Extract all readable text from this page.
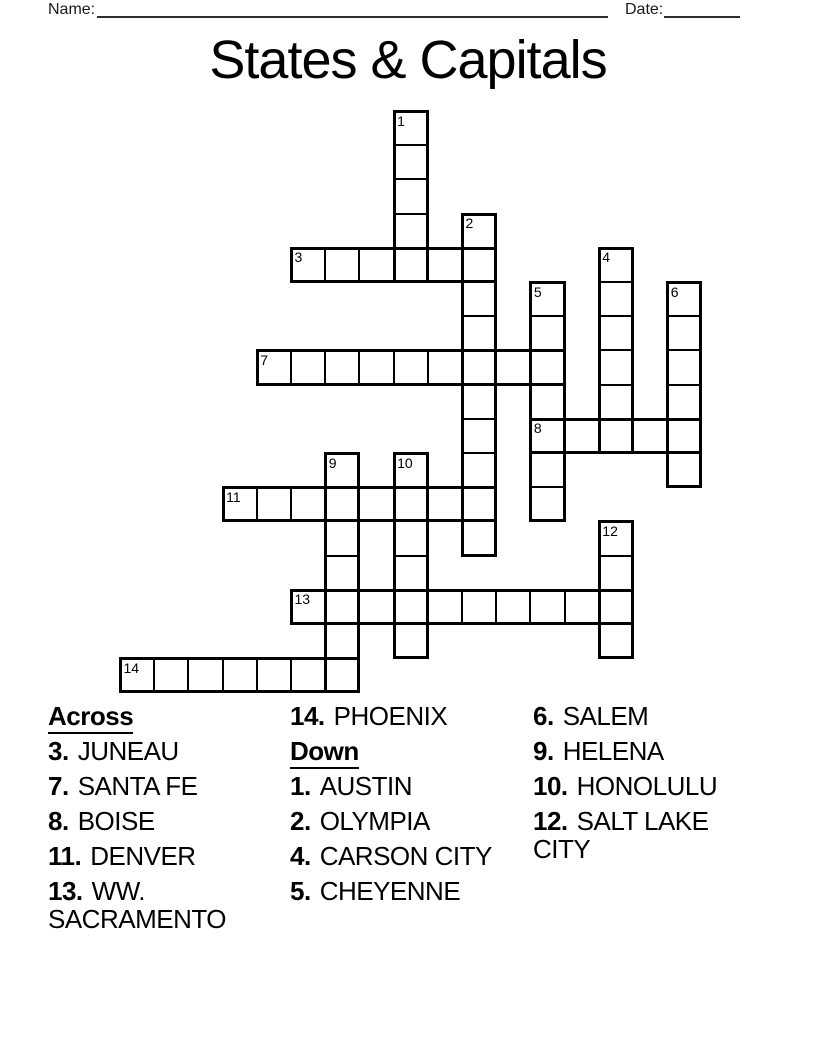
Name:	Date:
States & Capitals
1
2
3	4
5	6
7
8
9	10
11
12
13
14
Across
3. JUNEAU
7. SANTA FE
8. BOISE
11. DENVER
13. WW. SACRAMENTO
14. PHOENIX
Down
1. AUSTIN
2. OLYMPIA
4. CARSON CITY
5. CHEYENNE
6. SALEM
9. HELENA
10. HONOLULU
12. SALT LAKE CITY
